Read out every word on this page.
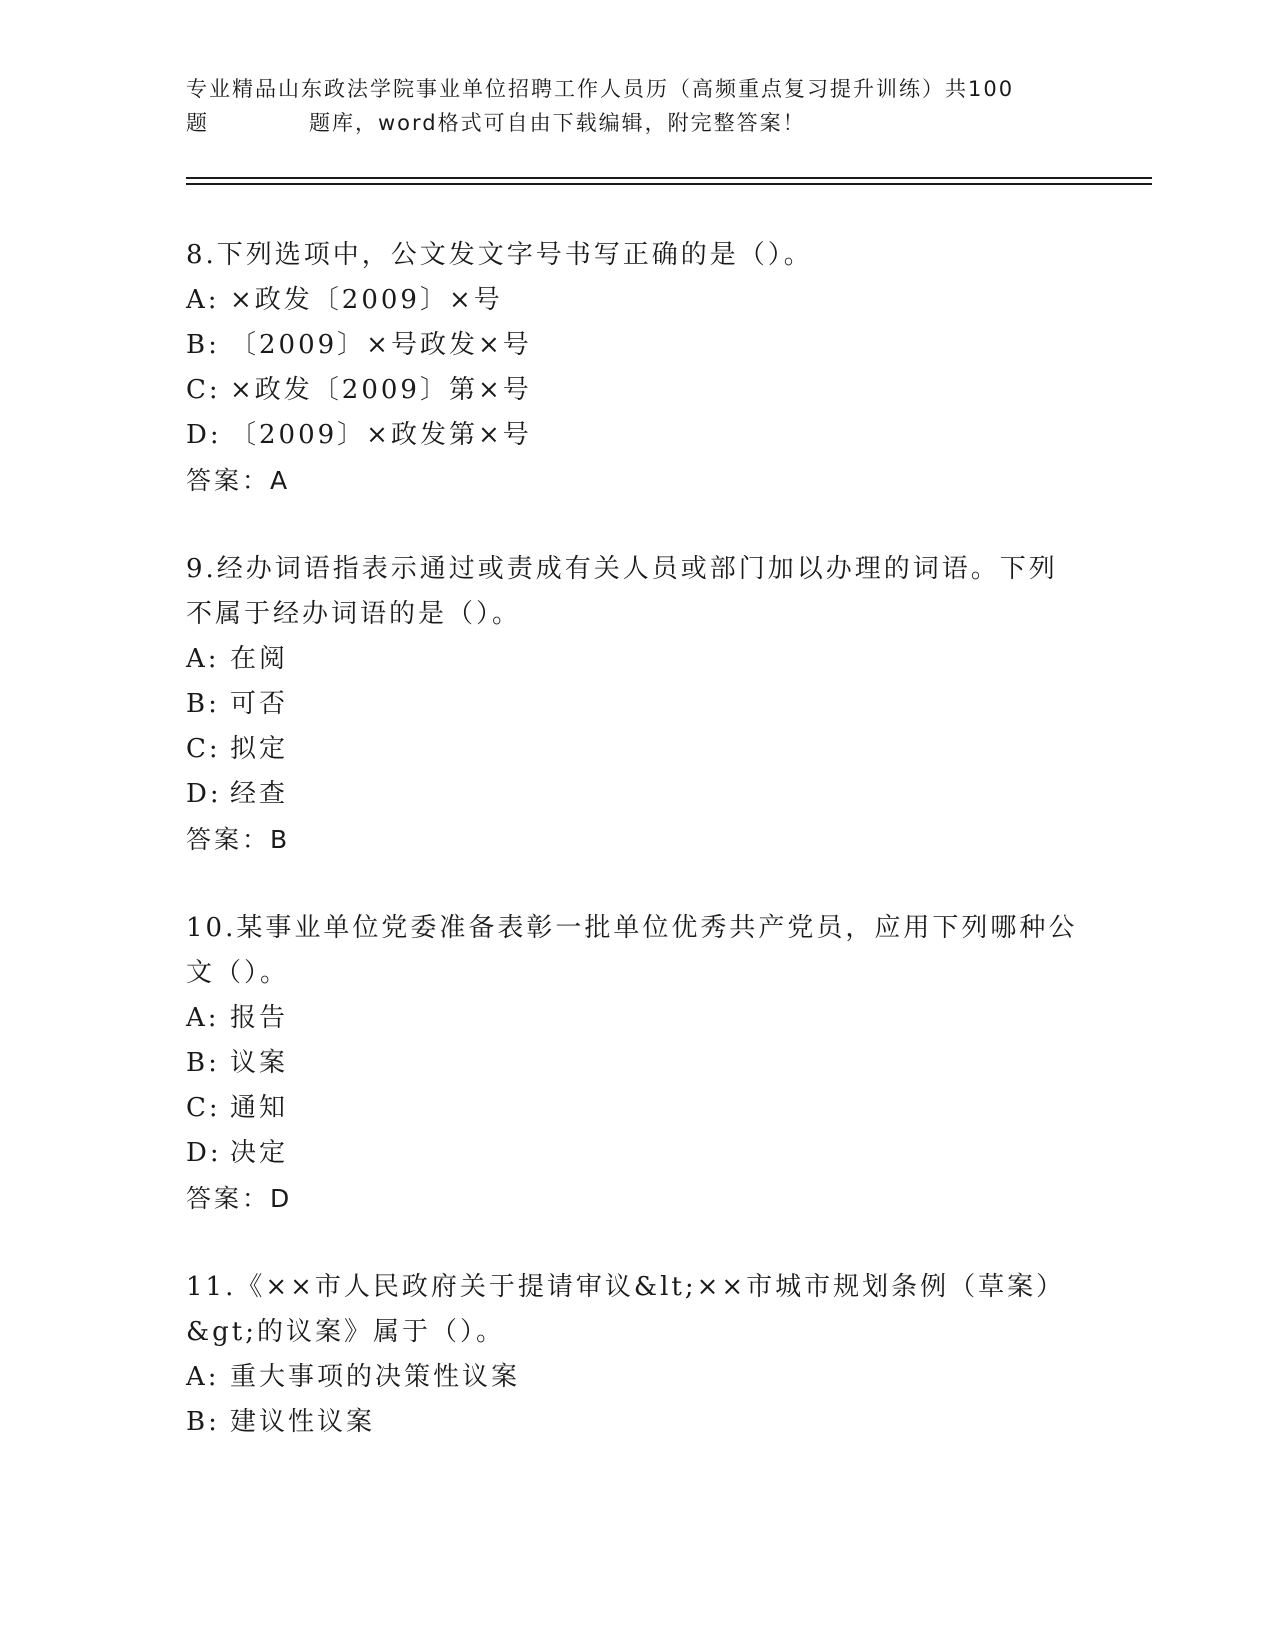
专业精品山东政法学院事业单位招聘工作人员历（高频重点复习提升训练）共100
题	题库，word格式可自由下载编辑，附完整答案！
8.下列选项中，公文发文字号书写正确的是（）。
A: ×政发〔2009〕×号
B: 〔2009〕×号政发×号
C: ×政发〔2009〕第×号
D: 〔2009〕×政发第×号
答案：A
9.经办词语指表示通过或责成有关人员或部门加以办理的词语。下列
不属于经办词语的是（）。
A: 在阅
B: 可否
C: 拟定
D: 经查
答案：B
10.某事业单位党委准备表彰一批单位优秀共产党员，应用下列哪种公
文（）。
A: 报告
B: 议案
C: 通知
D: 决定
答案：D
11.《××市人民政府关于提请审议&lt;××市城市规划条例（草案）
&gt;的议案》属于（）。
A: 重大事项的决策性议案
B: 建议性议案
